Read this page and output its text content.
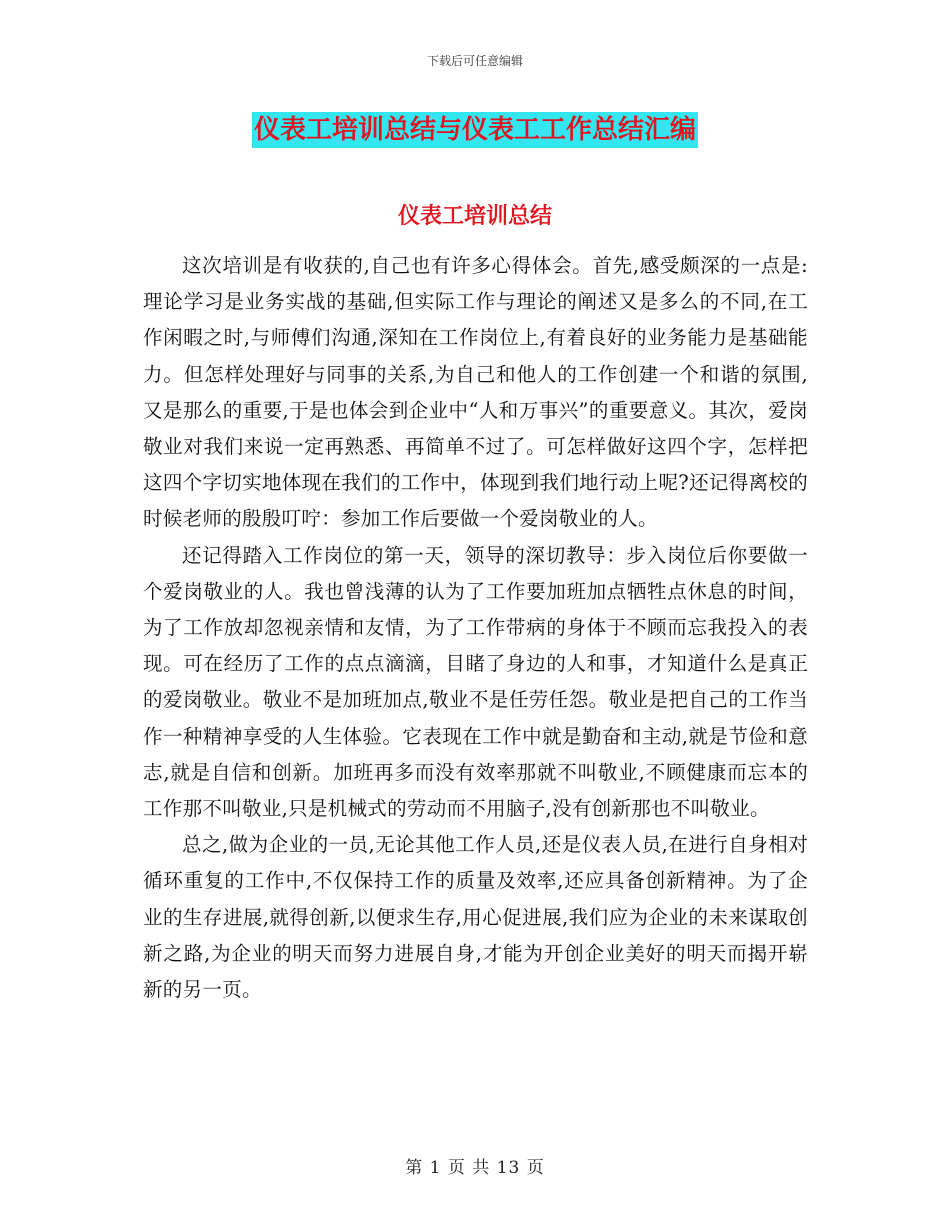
下载后可任意编辑
仪表工培训总结与仪表工工作总结汇编
仪表工培训总结

这次培训是有收获的,自己也有许多心得体会。首先,感受颇深的一点是:理论学习是业务实战的基础,但实际工作与理论的阐述又是多么的不同,在工作闲暇之时,与师傅们沟通,深知在工作岗位上,有着良好的业务能力是基础能力。但怎样处理好与同事的关系,为自己和他人的工作创建一个和谐的氛围,又是那么的重要,于是也体会到企业中“人和万事兴”的重要意义。其次，爱岗敬业对我们来说一定再熟悉、再简单不过了。可怎样做好这四个字，怎样把这四个字切实地体现在我们的工作中，体现到我们地行动上呢?还记得离校的时候老师的殷殷叮咛：参加工作后要做一个爱岗敬业的人。

还记得踏入工作岗位的第一天，领导的深切教导：步入岗位后你要做一个爱岗敬业的人。我也曾浅薄的认为了工作要加班加点牺牲点休息的时间，为了工作放却忽视亲情和友情，为了工作带病的身体于不顾而忘我投入的表现。可在经历了工作的点点滴滴，目睹了身边的人和事，才知道什么是真正的爱岗敬业。敬业不是加班加点,敬业不是任劳任怨。敬业是把自己的工作当作一种精神享受的人生体验。它表现在工作中就是勤奋和主动,就是节俭和意志,就是自信和创新。加班再多而没有效率那就不叫敬业,不顾健康而忘本的工作那不叫敬业,只是机械式的劳动而不用脑子,没有创新那也不叫敬业。

总之,做为企业的一员,无论其他工作人员,还是仪表人员,在进行自身相对循环重复的工作中,不仅保持工作的质量及效率,还应具备创新精神。为了企业的生存进展,就得创新,以便求生存,用心促进展,我们应为企业的未来谋取创新之路,为企业的明天而努力进展自身,才能为开创企业美好的明天而揭开崭新的另一页。

第 1 页 共 13 页
